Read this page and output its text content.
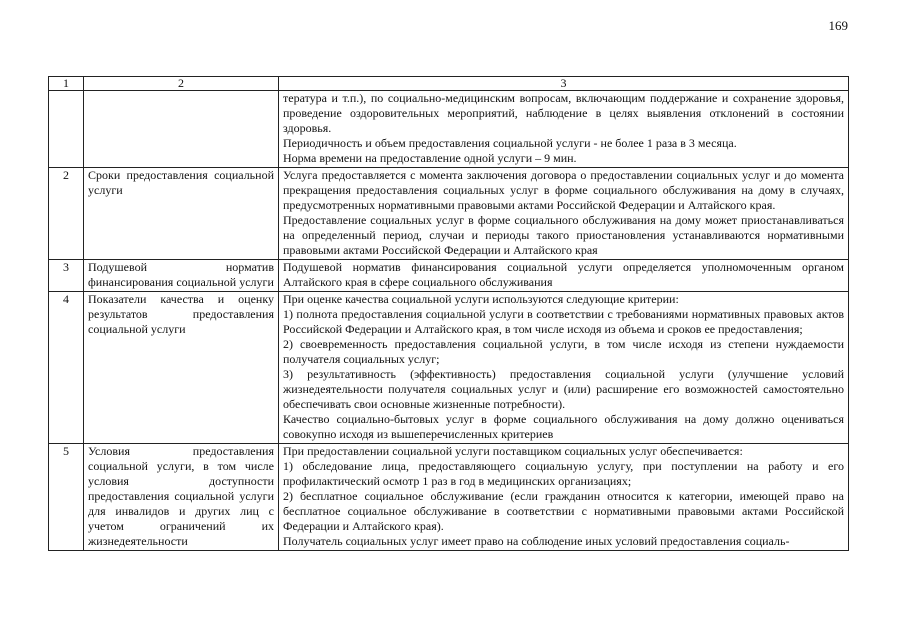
169
1	2	3

		тература и т.п.), по социально-медицинским вопросам, включающим поддержание и сохранение здоровья, проведение оздоровительных мероприятий, наблюдение в целях выявления отклонений в состоянии здоровья.

Периодичность и объем предоставления социальной услуги - не более 1 раза в 3 месяца.

Норма времени на предоставление одной услуги – 9 мин.

2	Сроки предоставления социальной услуги	Услуга предоставляется с момента заключения договора о предоставлении социальных услуг и до момента прекращения предоставления социальных услуг в форме социального обслуживания на дому в случаях, предусмотренных нормативными правовыми актами Российской Федерации и Алтайского края.

Предоставление социальных услуг в форме социального обслуживания на дому может приостанавливаться на определенный период, случаи и периоды такого приостановления устанавливаются нормативными правовыми актами Российской Федерации и Алтайского края

3	Подушевой норматив финансирования социальной услуги	Подушевой норматив финансирования социальной услуги определяется уполномоченным органом Алтайского края в сфере социального обслуживания

4	Показатели качества и оценку результатов предоставления социальной услуги	При оценке качества социальной услуги используются следующие критерии:

1) полнота предоставления социальной услуги в соответствии с требованиями нормативных правовых актов Российской Федерации и Алтайского края, в том числе исходя из объема и сроков ее предоставления;

2) своевременность предоставления социальной услуги, в том числе исходя из степени нуждаемости получателя социальных услуг;

3) результативность (эффективность) предоставления социальной услуги (улучшение условий жизнедеятельности получателя социальных услуг и (или) расширение его возможностей самостоятельно обеспечивать свои основные жизненные потребности).

Качество социально-бытовых услуг в форме социального обслуживания на дому должно оцениваться совокупно исходя из вышеперечисленных критериев

5	Условия предоставления социальной услуги, в том числе условия доступности предоставления социальной услуги для инвалидов и других лиц с учетом ограничений их жизнедеятельности	При предоставлении социальной услуги поставщиком социальных услуг обеспечивается:

1) обследование лица, предоставляющего социальную услугу, при поступлении на работу и его профилактический осмотр 1 раз в год в медицинских организациях;

2) бесплатное социальное обслуживание (если гражданин относится к категории, имеющей право на бесплатное социальное обслуживание в соответствии с нормативными правовыми актами Российской Федерации и Алтайского края).

Получатель социальных услуг имеет право на соблюдение иных условий предоставления социаль-
